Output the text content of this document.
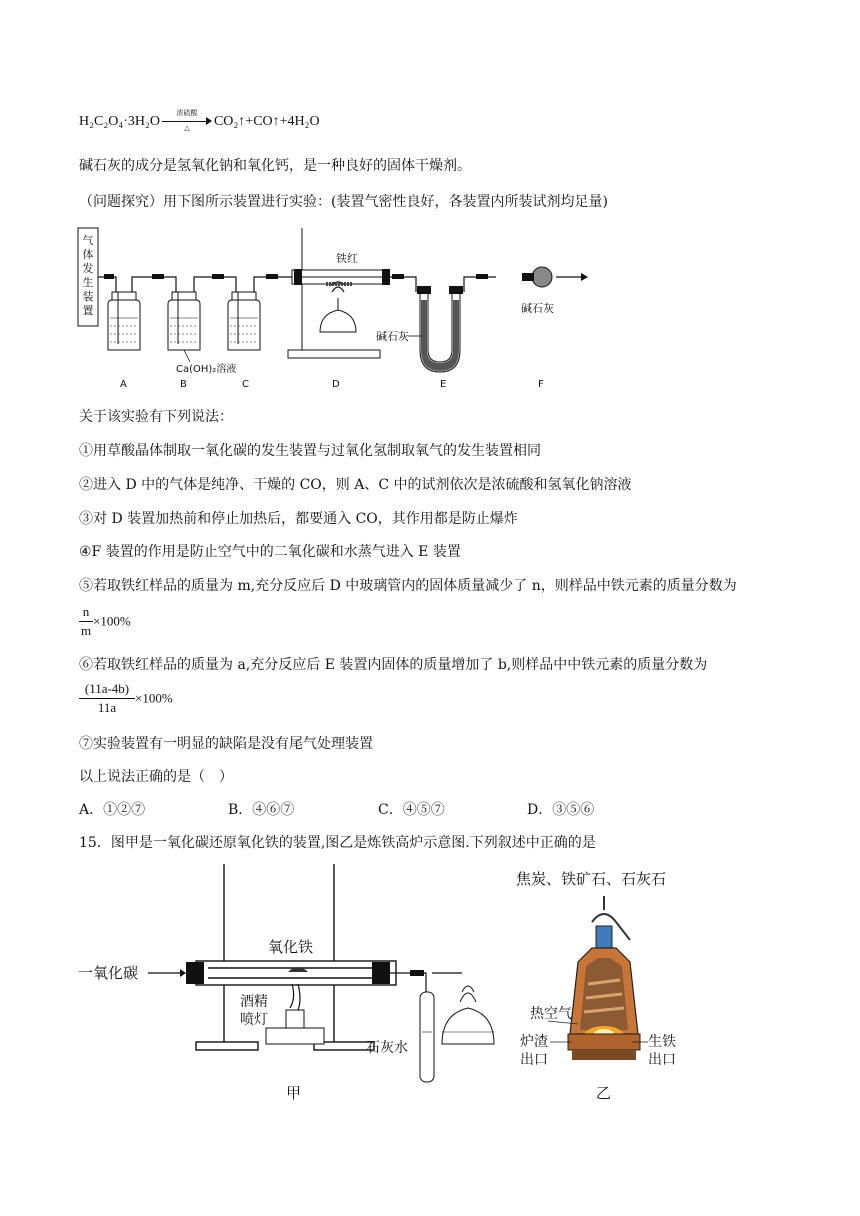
H₂C₂O₄·3H₂O
浓硫酸
△	CO₂↑+CO↑+4H₂O
碱石灰的成分是氢氧化钠和氧化钙，是一种良好的固体干燥剂。
（问题探究）用下图所示装置进行实验：(装置气密性良好，各装置内所装试剂均足量)
气体发生装置
Ca(OH)₂溶液
铁红
碱石灰
碱石灰
A	B	C	D	E	F
关于该实验有下列说法：
①用草酸晶体制取一氧化碳的发生装置与过氧化氢制取氧气的发生装置相同
②进入 D 中的气体是纯净、干燥的 CO，则 A、C 中的试剂依次是浓硫酸和氢氧化钠溶液
③对 D 装置加热前和停止加热后，都要通入 CO，其作用都是防止爆炸
④F 装置的作用是防止空气中的二氧化碳和水蒸气进入 E 装置
⑤若取铁红样品的质量为 m,充分反应后 D 中玻璃管内的固体质量减少了 n，则样品中铁元素的质量分数为
$\frac{n}{m} \times 100\%$
⑥若取铁红样品的质量为 a,充分反应后 E 装置内固体的质量增加了 b,则样品中中铁元素的质量分数为
$\frac{(11a-4b)}{11a} \times 100\%$
⑦实验装置有一明显的缺陷是没有尾气处理装置
以上说法正确的是（　）
A．①②⑦	B．④⑥⑦	C．④⑤⑦	D．③⑤⑥
15．图甲是一氧化碳还原氧化铁的装置,图乙是炼铁高炉示意图.下列叙述中正确的是
一氧化碳
氧化铁
酒精
喷灯
石灰水
甲
焦炭、铁矿石、石灰石
热空气
炉渣
出口
生铁
出口
乙
